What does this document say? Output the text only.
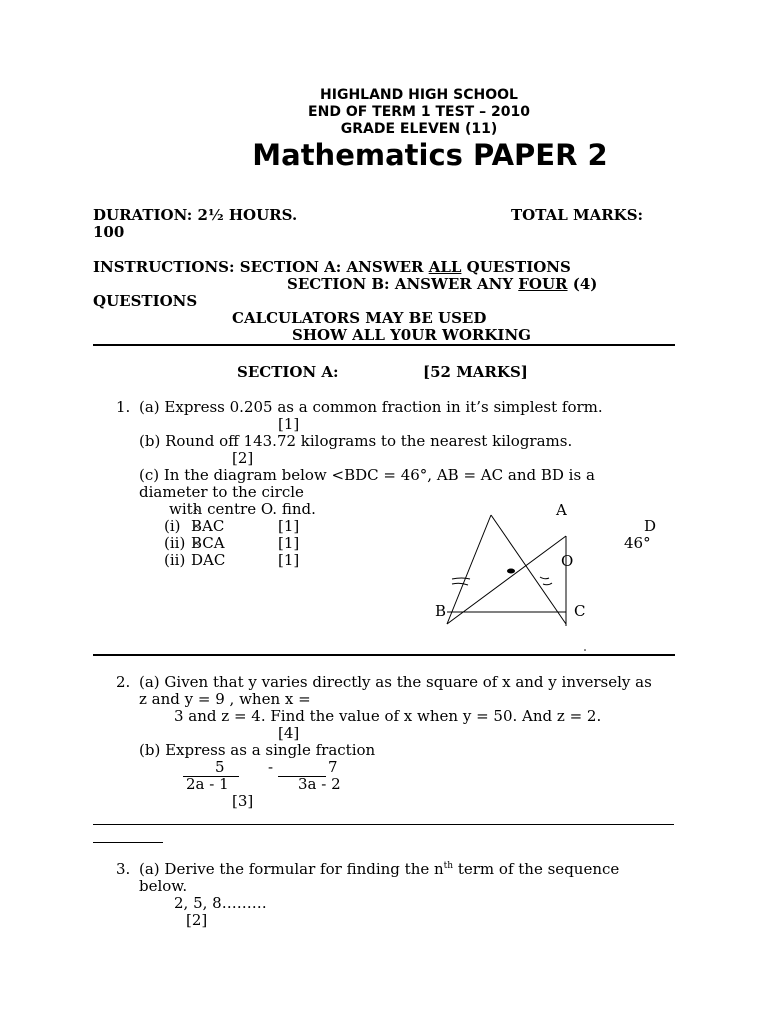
HIGHLAND HIGH SCHOOL
END OF TERM 1 TEST – 2010
GRADE ELEVEN (11)
Mathematics PAPER 2
DURATION: 2½ HOURS.	TOTAL MARKS:
100
INSTRUCTIONS: SECTION A: ANSWER ALL QUESTIONS
SECTION B: ANSWER ANY FOUR (4)
QUESTIONS
CALCULATORS MAY BE USED
SHOW ALL Y0UR WORKING
SECTION A:	[52 MARKS]
1. (a) Express 0.205 as a common fraction in it’s simplest form.
[1]
(b) Round off 143.72 kilograms to the nearest kilograms.
[2]
(c) In the diagram below <BDC = 46°, AB = AC and BD is a
diameter to the circle
with centre O. find.
(i) ^ BAC	[1]
(ii) ^ BCA	[1]
(ii) ^ DAC	[1]
A
B	C
D
O
46°
2. (a) Given that y varies directly as the square of x and y inversely as
z and y = 9 , when x =
3 and z = 4. Find the value of x when y = 50. And z = 2.
[4]
(b) Express as a single fraction
5	-	7
2a - 1	3a - 2
[3]
3. (a) Derive the formular for finding the $n^{th}$ term of the sequence
below.
2, 5, 8………
[2]
